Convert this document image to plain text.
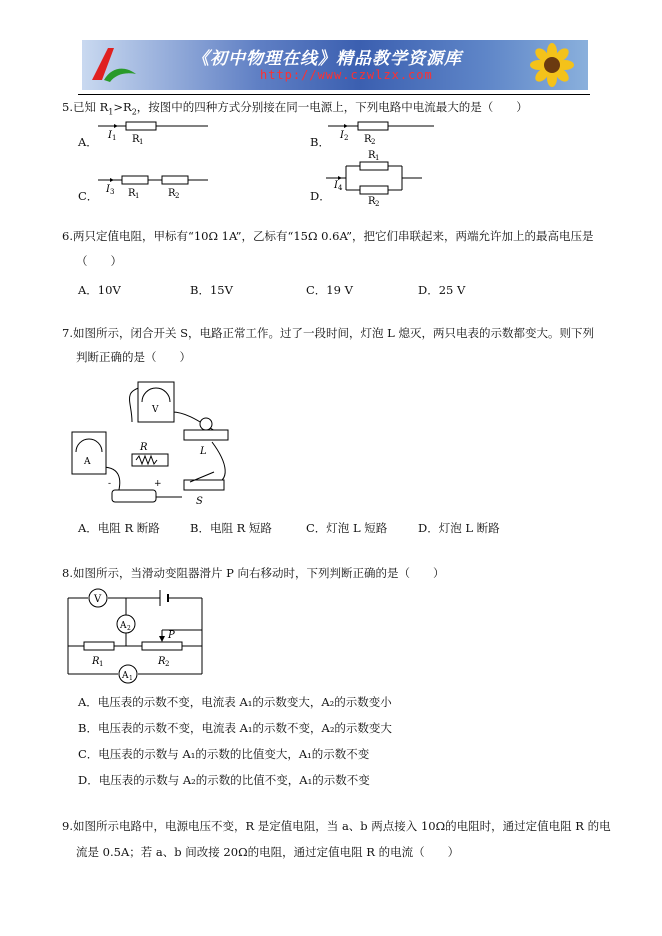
《初中物理在线》精品教学资源库
http://www.czwlzx.com
5.已知 $R_1>R_2$，按图中的四种方式分别接在同一电源上，下列电路中电流最大的是（　　）
A． I 1 R 1	B． I 2 R 2
C． I 3 R 1	R 2	D．
R 1
R 2
I 4
6.两只定值电阻，甲标有“10Ω 1A”，乙标有“15Ω 0.6A”，把它们串联起来，两端允许加上的最高电压是
（　　）
A．10V	B．15V	C．19 V	D．25 V
7.如图所示，闭合开关 S，电路正常工作。过了一段时间，灯泡 L 熄灭，两只电表的示数都变大。则下列
判断正确的是（　　）
A
V
R	L
-	+
S
A．电阻 R 断路	B．电阻 R 短路	C．灯泡 L 短路	D．灯泡 L 断路
8.如图所示，当滑动变阻器滑片 P 向右移动时，下列判断正确的是（　　）
V
A 2
P
R 1	R 2
A 1
A．电压表的示数不变，电流表 A₁的示数变大，A₂的示数变小
B．电压表的示数不变，电流表 A₁的示数不变，A₂的示数变大
C．电压表的示数与 A₁的示数的比值变大，A₁的示数不变
D．电压表的示数与 A₂的示数的比值不变，A₁的示数不变
9.如图所示电路中，电源电压不变，R 是定值电阻，当 a、b 两点接入 10Ω的电阻时，通过定值电阻 R 的电
流是 0.5A；若 a、b 间改接 20Ω的电阻，通过定值电阻 R 的电流（　　）
